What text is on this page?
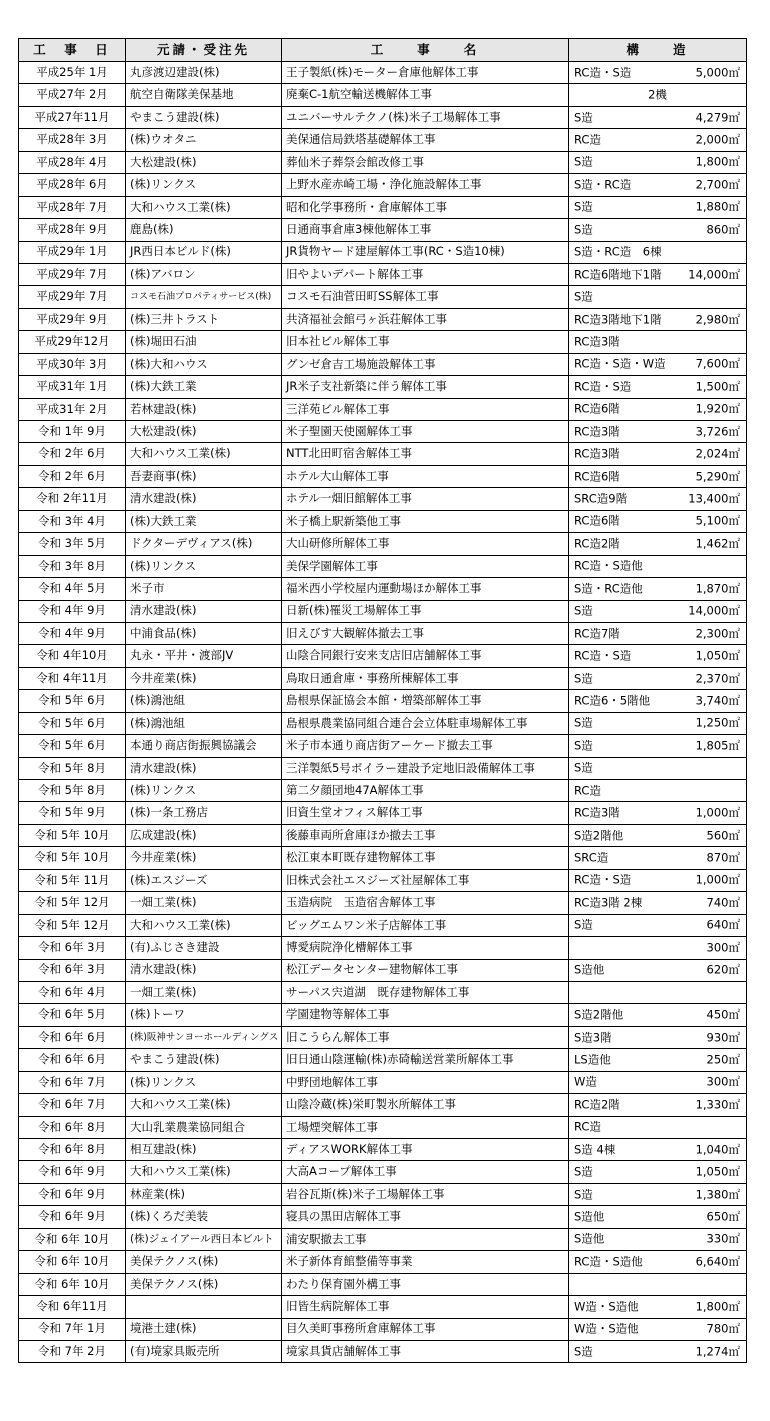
工　事　日	元請・受注先	工　　事　　名	構　　造
平成25年 1月	丸彦渡辺建設(株)	王子製紙(株)モーター倉庫他解体工事	RC造・S造 5,000㎡

平成27年 2月	航空自衛隊美保基地	廃棄C-1航空輸送機解体工事	2機

平成27年11月	やまこう建設(株)	ユニバーサルテクノ(株)米子工場解体工事	S造 4,279㎡

平成28年 3月	(株)ウオタニ	美保通信局鉄塔基礎解体工事	RC造 2,000㎡

平成28年 4月	大松建設(株)	葬仙米子葬祭会館改修工事	S造 1,800㎡

平成28年 6月	(株)リンクス	上野水産赤崎工場・浄化施設解体工事	S造・RC造 2,700㎡

平成28年 7月	大和ハウス工業(株)	昭和化学事務所・倉庫解体工事	S造 1,880㎡

平成28年 9月	鹿島(株)	日通商事倉庫3棟他解体工事	S造 860㎡

平成29年 1月	JR西日本ビルド(株)	JR貨物ヤード建屋解体工事(RC・S造10棟)	S造・RC造　6棟

平成29年 7月	(株)アバロン	旧やよいデパート解体工事	RC造6階地下1階 14,000㎡

平成29年 7月	コスモ石油プロパティサービス(株)	コスモ石油菅田町SS解体工事	S造

平成29年 9月	(株)三井トラスト	共済福祉会館弓ヶ浜荘解体工事	RC造3階地下1階 2,980㎡

平成29年12月	(株)堀田石油	旧本社ビル解体工事	RC造3階

平成30年 3月	(株)大和ハウス	グンゼ倉吉工場施設解体工事	RC造・S造・W造 7,600㎡

平成31年 1月	(株)大鉄工業	JR米子支社新築に伴う解体工事	RC造・S造 1,500㎡

平成31年 2月	若林建設(株)	三洋苑ビル解体工事	RC造6階 1,920㎡

令和 1年 9月	大松建設(株)	米子聖園天使園解体工事	RC造3階 3,726㎡

令和 2年 6月	大和ハウス工業(株)	NTT北田町宿舎解体工事	RC造3階 2,024㎡

令和 2年 6月	吾妻商事(株)	ホテル大山解体工事	RC造6階 5,290㎡

令和 2年11月	清水建設(株)	ホテル一畑旧館解体工事	SRC造9階 13,400㎡

令和 3年 4月	(株)大鉄工業	米子橋上駅新築他工事	RC造6階 5,100㎡

令和 3年 5月	ドクターデヴィアス(株)	大山研修所解体工事	RC造2階 1,462㎡

令和 3年 8月	(株)リンクス	美保学園解体工事	RC造・S造他

令和 4年 5月	米子市	福米西小学校屋内運動場ほか解体工事	S造・RC造他 1,870㎡

令和 4年 9月	清水建設(株)	日新(株)罹災工場解体工事	S造 14,000㎡

令和 4年 9月	中浦食品(株)	旧えびす大観解体撤去工事	RC造7階 2,300㎡

令和 4年10月	丸永・平井・渡部JV	山陰合同銀行安来支店旧店舗解体工事	RC造・S造 1,050㎡

令和 4年11月	今井産業(株)	鳥取日通倉庫・事務所棟解体工事	S造 2,370㎡

令和 5年 6月	(株)鴻池組	島根県保証協会本館・増築部解体工事	RC造6・5階他 3,740㎡

令和 5年 6月	(株)鴻池組	島根県農業協同組合連合会立体駐車場解体工事	S造 1,250㎡

令和 5年 6月	本通り商店街振興協議会	米子市本通り商店街アーケード撤去工事	S造 1,805㎡

令和 5年 8月	清水建設(株)	三洋製紙5号ボイラー建設予定地旧設備解体工事	S造

令和 5年 8月	(株)リンクス	第二夕顔団地47A解体工事	RC造

令和 5年 9月	(株)一条工務店	旧資生堂オフィス解体工事	RC造3階 1,000㎡

令和 5年 10月	広成建設(株)	後藤車両所倉庫ほか撤去工事	S造2階他 560㎡

令和 5年 10月	今井産業(株)	松江東本町既存建物解体工事	SRC造 870㎡

令和 5年 11月	(株)エスジーズ	旧株式会社エスジーズ社屋解体工事	RC造・S造 1,000㎡

令和 5年 12月	一畑工業(株)	玉造病院　玉造宿舎解体工事	RC造3階 2棟 740㎡

令和 5年 12月	大和ハウス工業(株)	ビッグエムワン米子店解体工事	S造 640㎡

令和 6年 3月	(有)ふじさき建設	博愛病院浄化槽解体工事	300㎡

令和 6年 3月	清水建設(株)	松江データセンター建物解体工事	S造他 620㎡

令和 6年 4月	一畑工業(株)	サーパス宍道湖　既存建物解体工事	

令和 6年 5月	(株)トーワ	学園建物等解体工事	S造2階他 450㎡

令和 6年 6月	(株)阪神サンヨーホールディングス	旧こうらん解体工事	S造3階 930㎡

令和 6年 6月	やまこう建設(株)	旧日通山陰運輸(株)赤碕輸送営業所解体工事	LS造他 250㎡

令和 6年 7月	(株)リンクス	中野団地解体工事	W造 300㎡

令和 6年 7月	大和ハウス工業(株)	山陰冷蔵(株)栄町製氷所解体工事	RC造2階 1,330㎡

令和 6年 8月	大山乳業農業協同組合	工場煙突解体工事	RC造

令和 6年 8月	相互建設(株)	ディアスWORK解体工事	S造 4棟 1,040㎡

令和 6年 9月	大和ハウス工業(株)	大高Aコープ解体工事	S造 1,050㎡

令和 6年 9月	林産業(株)	岩谷瓦斯(株)米子工場解体工事	S造 1,380㎡

令和 6年 9月	(株)くろだ美装	寝具の黒田店解体工事	S造他 650㎡

令和 6年 10月	(株)ジェイアール西日本ビルト	浦安駅撤去工事	S造他 330㎡

令和 6年 10月	美保テクノス(株)	米子新体育館整備等事業	RC造・S造他 6,640㎡

令和 6年 10月	美保テクノス(株)	わたり保育園外構工事	

令和 6年11月		旧皆生病院解体工事	W造・S造他 1,800㎡

令和 7年 1月	境港土建(株)	目久美町事務所倉庫解体工事	W造・S造他 780㎡

令和 7年 2月	(有)境家具販売所	境家具貨店舗解体工事	S造 1,274㎡
